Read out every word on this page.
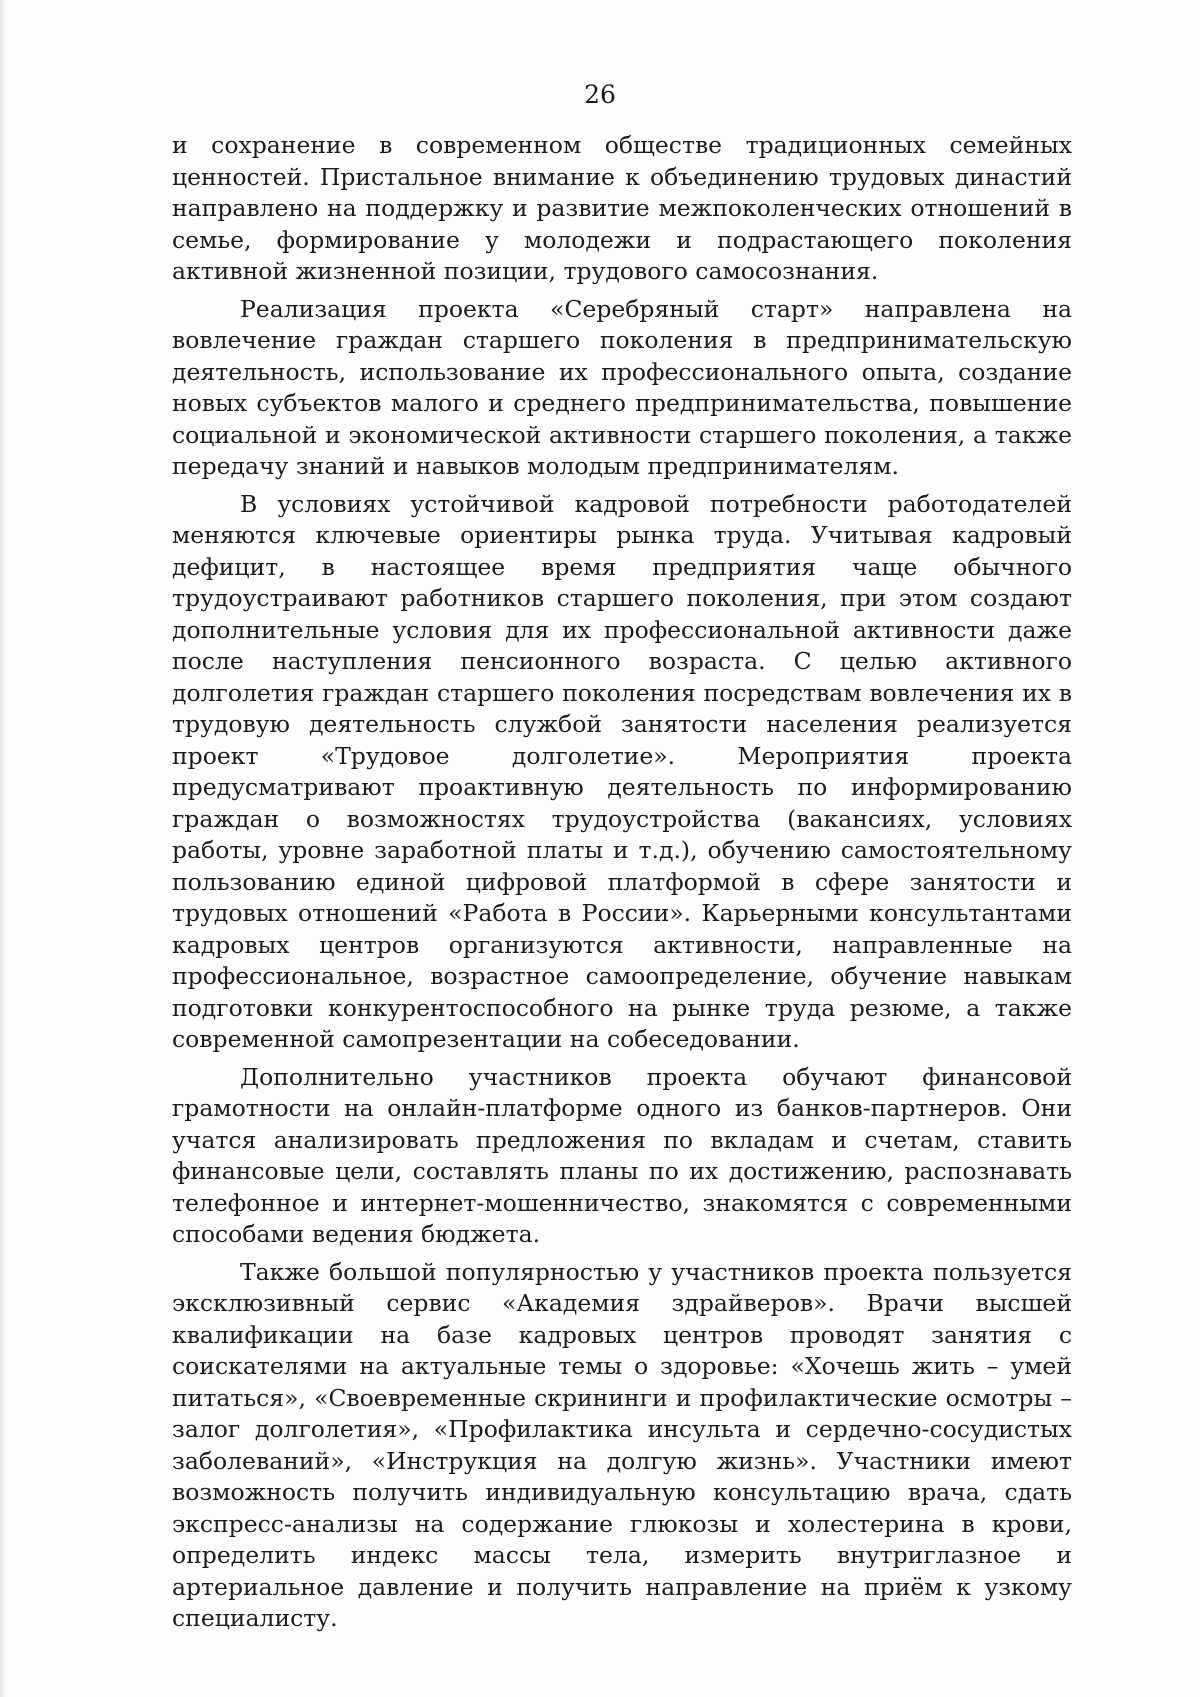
26

и сохранение в современном обществе традиционных семейных ценностей. Пристальное внимание к объединению трудовых династий направлено на поддержку и развитие межпоколенческих отношений в семье, формирование у молодежи и подрастающего поколения активной жизненной позиции, трудового самосознания.

Реализация проекта «Серебряный старт» направлена на вовлечение граждан старшего поколения в предпринимательскую деятельность, использование их профессионального опыта, создание новых субъектов малого и среднего предпринимательства, повышение социальной и экономической активности старшего поколения, а также передачу знаний и навыков молодым предпринимателям.

В условиях устойчивой кадровой потребности работодателей меняются ключевые ориентиры рынка труда. Учитывая кадровый дефицит, в настоящее время предприятия чаще обычного трудоустраивают работников старшего поколения, при этом создают дополнительные условия для их профессиональной активности даже после наступления пенсионного возраста. С целью активного долголетия граждан старшего поколения посредствам вовлечения их в трудовую деятельность службой занятости населения реализуется проект «Трудовое долголетие». Мероприятия проекта предусматривают проактивную деятельность по информированию граждан о возможностях трудоустройства (вакансиях, условиях работы, уровне заработной платы и т.д.), обучению самостоятельному пользованию единой цифровой платформой в сфере занятости и трудовых отношений «Работа в России». Карьерными консультантами кадровых центров организуются активности, направленные на профессиональное, возрастное самоопределение, обучение навыкам подготовки конкурентоспособного на рынке труда резюме, а также современной самопрезентации на собеседовании.

Дополнительно участников проекта обучают финансовой грамотности на онлайн-платформе одного из банков-партнеров. Они учатся анализировать предложения по вкладам и счетам, ставить финансовые цели, составлять планы по их достижению, распознавать телефонное и интернет-мошенничество, знакомятся с современными способами ведения бюджета.

Также большой популярностью у участников проекта пользуется эксклюзивный сервис «Академия здрайверов». Врачи высшей квалификации на базе кадровых центров проводят занятия с соискателями на актуальные темы о здоровье: «Хочешь жить – умей питаться», «Своевременные скрининги и профилактические осмотры – залог долголетия», «Профилактика инсульта и сердечно-сосудистых заболеваний», «Инструкция на долгую жизнь». Участники имеют возможность получить индивидуальную консультацию врача, сдать экспресс-анализы на содержание глюкозы и холестерина в крови, определить индекс массы тела, измерить внутриглазное и артериальное давление и получить направление на приём к узкому специалисту.
